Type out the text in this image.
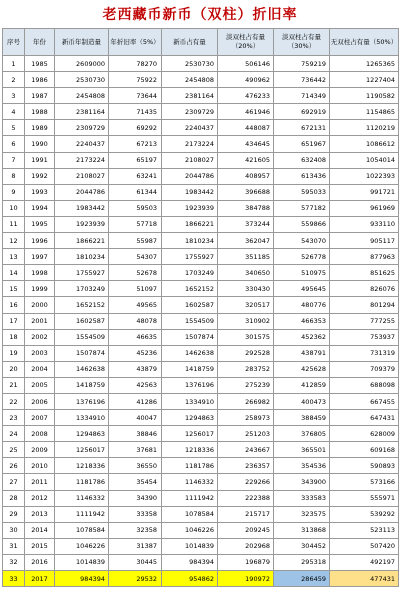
老西藏币新币（双柱）折旧率
序号	年份	新币年制造量	年折旧率（5%）	新币占有量	淡双柱占有量（20%）	淡双柱占有量（30%）	无双柱占有量（50%）
1	1985	2609000	78270	2530730	506146	759219	1265365
2	1986	2530730	75922	2454808	490962	736442	1227404
3	1987	2454808	73644	2381164	476233	714349	1190582
4	1988	2381164	71435	2309729	461946	692919	1154865
5	1989	2309729	69292	2240437	448087	672131	1120219
6	1990	2240437	67213	2173224	434645	651967	1086612
7	1991	2173224	65197	2108027	421605	632408	1054014
8	1992	2108027	63241	2044786	408957	613436	1022393
9	1993	2044786	61344	1983442	396688	595033	991721
10	1994	1983442	59503	1923939	384788	577182	961969
11	1995	1923939	57718	1866221	373244	559866	933110
12	1996	1866221	55987	1810234	362047	543070	905117
13	1997	1810234	54307	1755927	351185	526778	877963
14	1998	1755927	52678	1703249	340650	510975	851625
15	1999	1703249	51097	1652152	330430	495645	826076
16	2000	1652152	49565	1602587	320517	480776	801294
17	2001	1602587	48078	1554509	310902	466353	777255
18	2002	1554509	46635	1507874	301575	452362	753937
19	2003	1507874	45236	1462638	292528	438791	731319
20	2004	1462638	43879	1418759	283752	425628	709379
21	2005	1418759	42563	1376196	275239	412859	688098
22	2006	1376196	41286	1334910	266982	400473	667455
23	2007	1334910	40047	1294863	258973	388459	647431
24	2008	1294863	38846	1256017	251203	376805	628009
25	2009	1256017	37681	1218336	243667	365501	609168
26	2010	1218336	36550	1181786	236357	354536	590893
27	2011	1181786	35454	1146332	229266	343900	573166
28	2012	1146332	34390	1111942	222388	333583	555971
29	2013	1111942	33358	1078584	215717	323575	539292
30	2014	1078584	32358	1046226	209245	313868	523113
31	2015	1046226	31387	1014839	202968	304452	507420
32	2016	1014839	30445	984394	196879	295318	492197
33	2017	984394	29532	954862	190972	286459	477431
